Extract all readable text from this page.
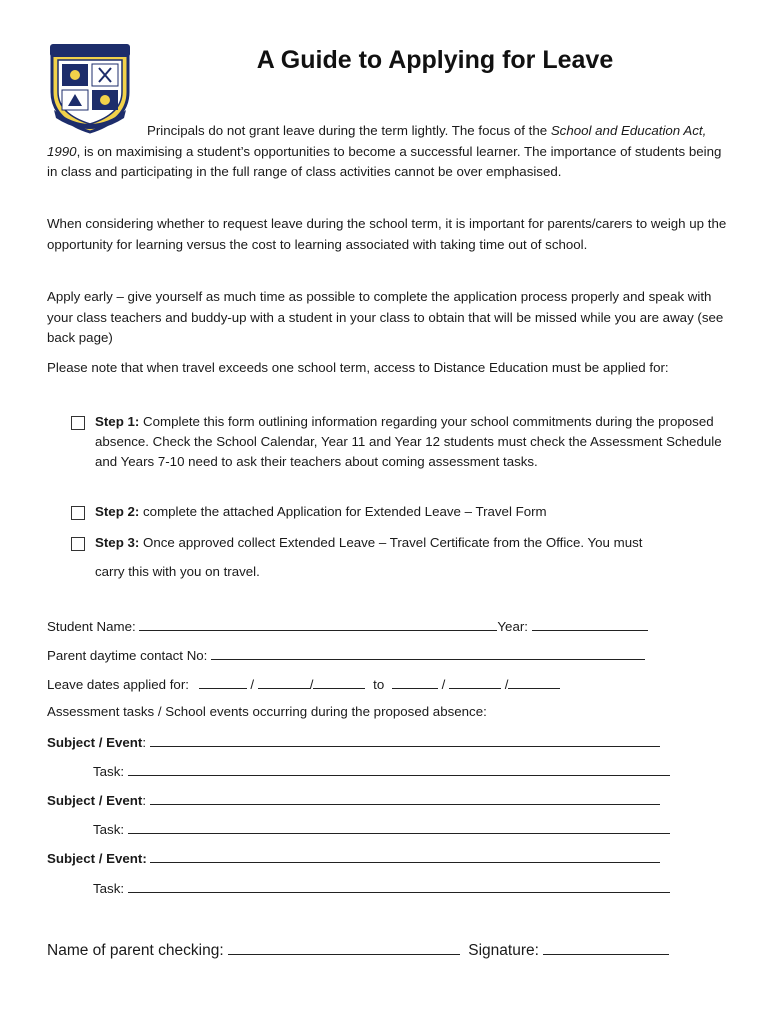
A Guide to Applying for Leave

Principals do not grant leave during the term lightly. The focus of the School and Education Act, 1990, is on maximising a student’s opportunities to become a successful learner. The importance of students being in class and participating in the full range of class activities cannot be over emphasised.

When considering whether to request leave during the school term, it is important for parents/carers to weigh up the opportunity for learning versus the cost to learning associated with taking time out of school.

Apply early – give yourself as much time as possible to complete the application process properly and speak with your class teachers and buddy-up with a student in your class to obtain that will be missed while you are away (see back page)

Please note that when travel exceeds one school term, access to Distance Education must be applied for:

Step 1: Complete this form outlining information regarding your school commitments during the proposed absence. Check the School Calendar, Year 11 and Year 12 students must check the Assessment Schedule and Years 7-10 need to ask their teachers about coming assessment tasks.
Step 2: complete the attached Application for Extended Leave – Travel Form
Step 3: Once approved collect Extended Leave – Travel Certificate from the Office. You must
carry this with you on travel.
Student Name:	Year:
Parent daytime contact No:
Leave dates applied for:	/	/	to	/	/
Assessment tasks / School events occurring during the proposed absence:
Subject / Event:
Task:
Subject / Event:
Task:
Subject / Event:
Task:
Name of parent checking:	Signature:
